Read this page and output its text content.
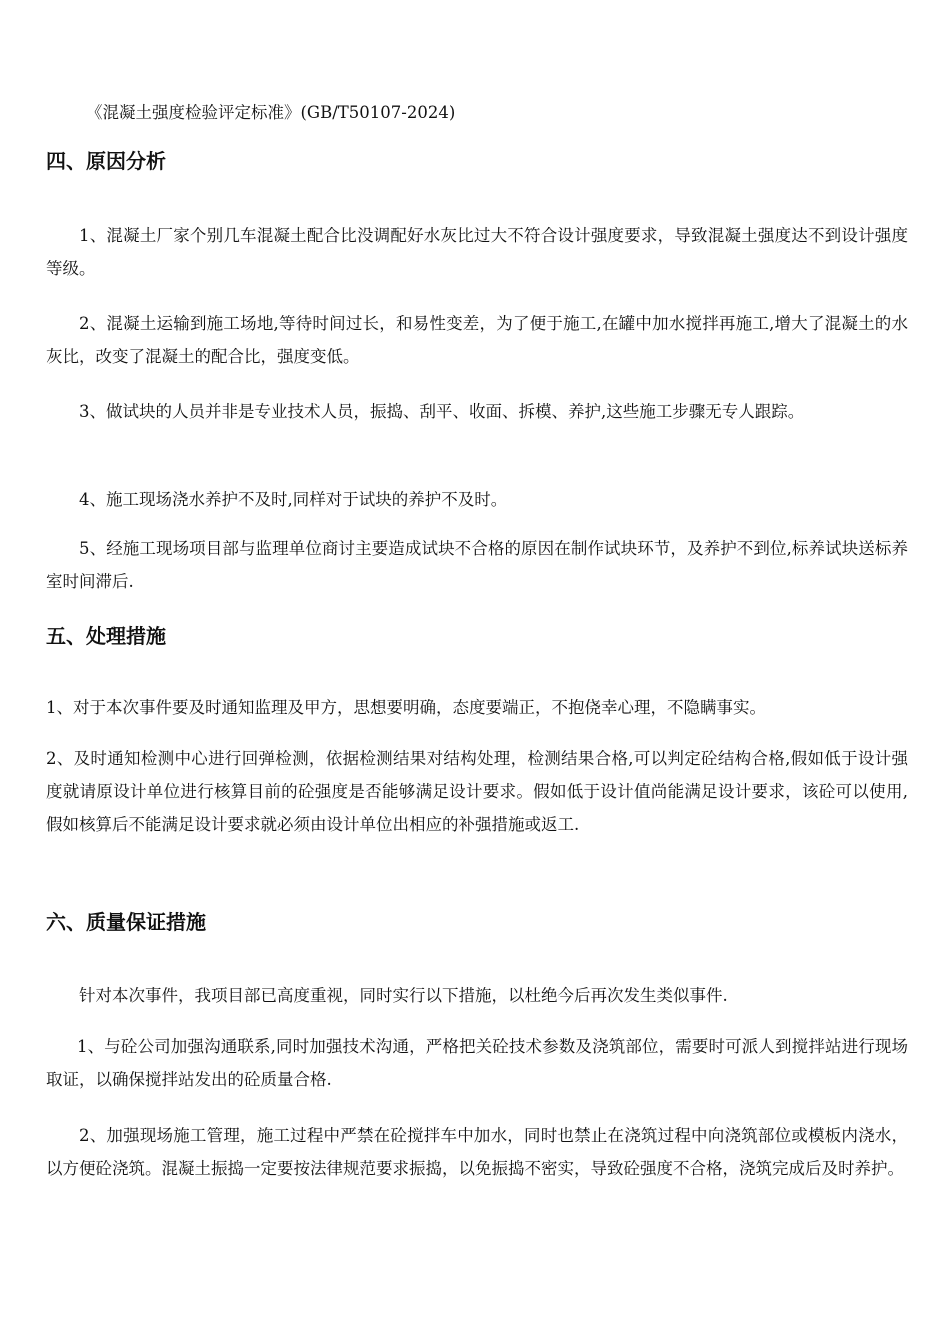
《混凝土强度检验评定标准》(GB/T50107-2024)
四、原因分析
1、混凝土厂家个别几车混凝土配合比没调配好水灰比过大不符合设计强度要求，导致混凝土强度达不到设计强度等级。
2、混凝土运输到施工场地,等待时间过长，和易性变差，为了便于施工,在罐中加水搅拌再施工,增大了混凝土的水灰比，改变了混凝土的配合比，强度变低。
3、做试块的人员并非是专业技术人员，振捣、刮平、收面、拆模、养护,这些施工步骤无专人跟踪。
4、施工现场浇水养护不及时,同样对于试块的养护不及时。
5、经施工现场项目部与监理单位商讨主要造成试块不合格的原因在制作试块环节，及养护不到位,标养试块送标养室时间滞后.
五、处理措施
1、对于本次事件要及时通知监理及甲方，思想要明确，态度要端正，不抱侥幸心理，不隐瞒事实。
2、及时通知检测中心进行回弹检测，依据检测结果对结构处理，检测结果合格,可以判定砼结构合格,假如低于设计强度就请原设计单位进行核算目前的砼强度是否能够满足设计要求。假如低于设计值尚能满足设计要求，该砼可以使用,假如核算后不能满足设计要求就必须由设计单位出相应的补强措施或返工.
六、质量保证措施
针对本次事件，我项目部已高度重视，同时实行以下措施，以杜绝今后再次发生类似事件.
1、与砼公司加强沟通联系,同时加强技术沟通，严格把关砼技术参数及浇筑部位，需要时可派人到搅拌站进行现场取证，以确保搅拌站发出的砼质量合格.
2、加强现场施工管理，施工过程中严禁在砼搅拌车中加水，同时也禁止在浇筑过程中向浇筑部位或模板内浇水，以方便砼浇筑。混凝土振捣一定要按法律规范要求振捣，以免振捣不密实，导致砼强度不合格，浇筑完成后及时养护。
